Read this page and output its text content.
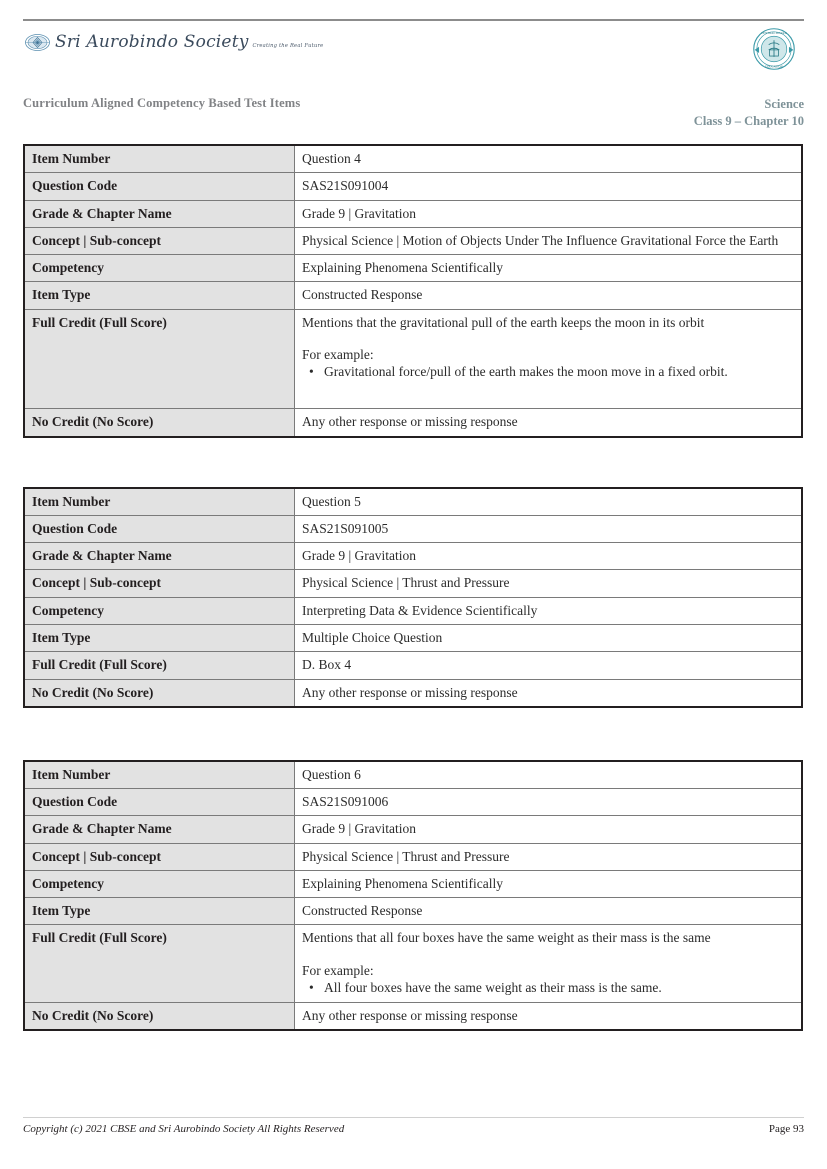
Sri Aurobindo Society Creating the Real Future
CENTRAL BOARD
EDUCATION
Curriculum Aligned Competency Based Test Items	Science
Class 9 – Chapter 10
Item Number	Question 4

Question Code	SAS21S091004

Grade & Chapter Name	Grade 9 | Gravitation

Concept | Sub-concept	Physical Science | Motion of Objects Under The Influence Gravitational Force the Earth

Competency	Explaining Phenomena Scientifically

Item Type	Constructed Response

Full Credit (Full Score)	Mentions that the gravitational pull of the earth keeps the moon in its orbit

For example:

• Gravitational force/pull of the earth makes the moon move in a fixed orbit.

No Credit (No Score)	Any other response or missing response

Item Number	Question 5

Question Code	SAS21S091005

Grade & Chapter Name	Grade 9 | Gravitation

Concept | Sub-concept	Physical Science | Thrust and Pressure

Competency	Interpreting Data & Evidence Scientifically

Item Type	Multiple Choice Question

Full Credit (Full Score)	D. Box 4

No Credit (No Score)	Any other response or missing response

Item Number	Question 6

Question Code	SAS21S091006

Grade & Chapter Name	Grade 9 | Gravitation

Concept | Sub-concept	Physical Science | Thrust and Pressure

Competency	Explaining Phenomena Scientifically

Item Type	Constructed Response

Full Credit (Full Score)	Mentions that all four boxes have the same weight as their mass is the same

For example:

• All four boxes have the same weight as their mass is the same.

No Credit (No Score)	Any other response or missing response

Copyright (c) 2021 CBSE and Sri Aurobindo Society All Rights Reserved	Page 93
